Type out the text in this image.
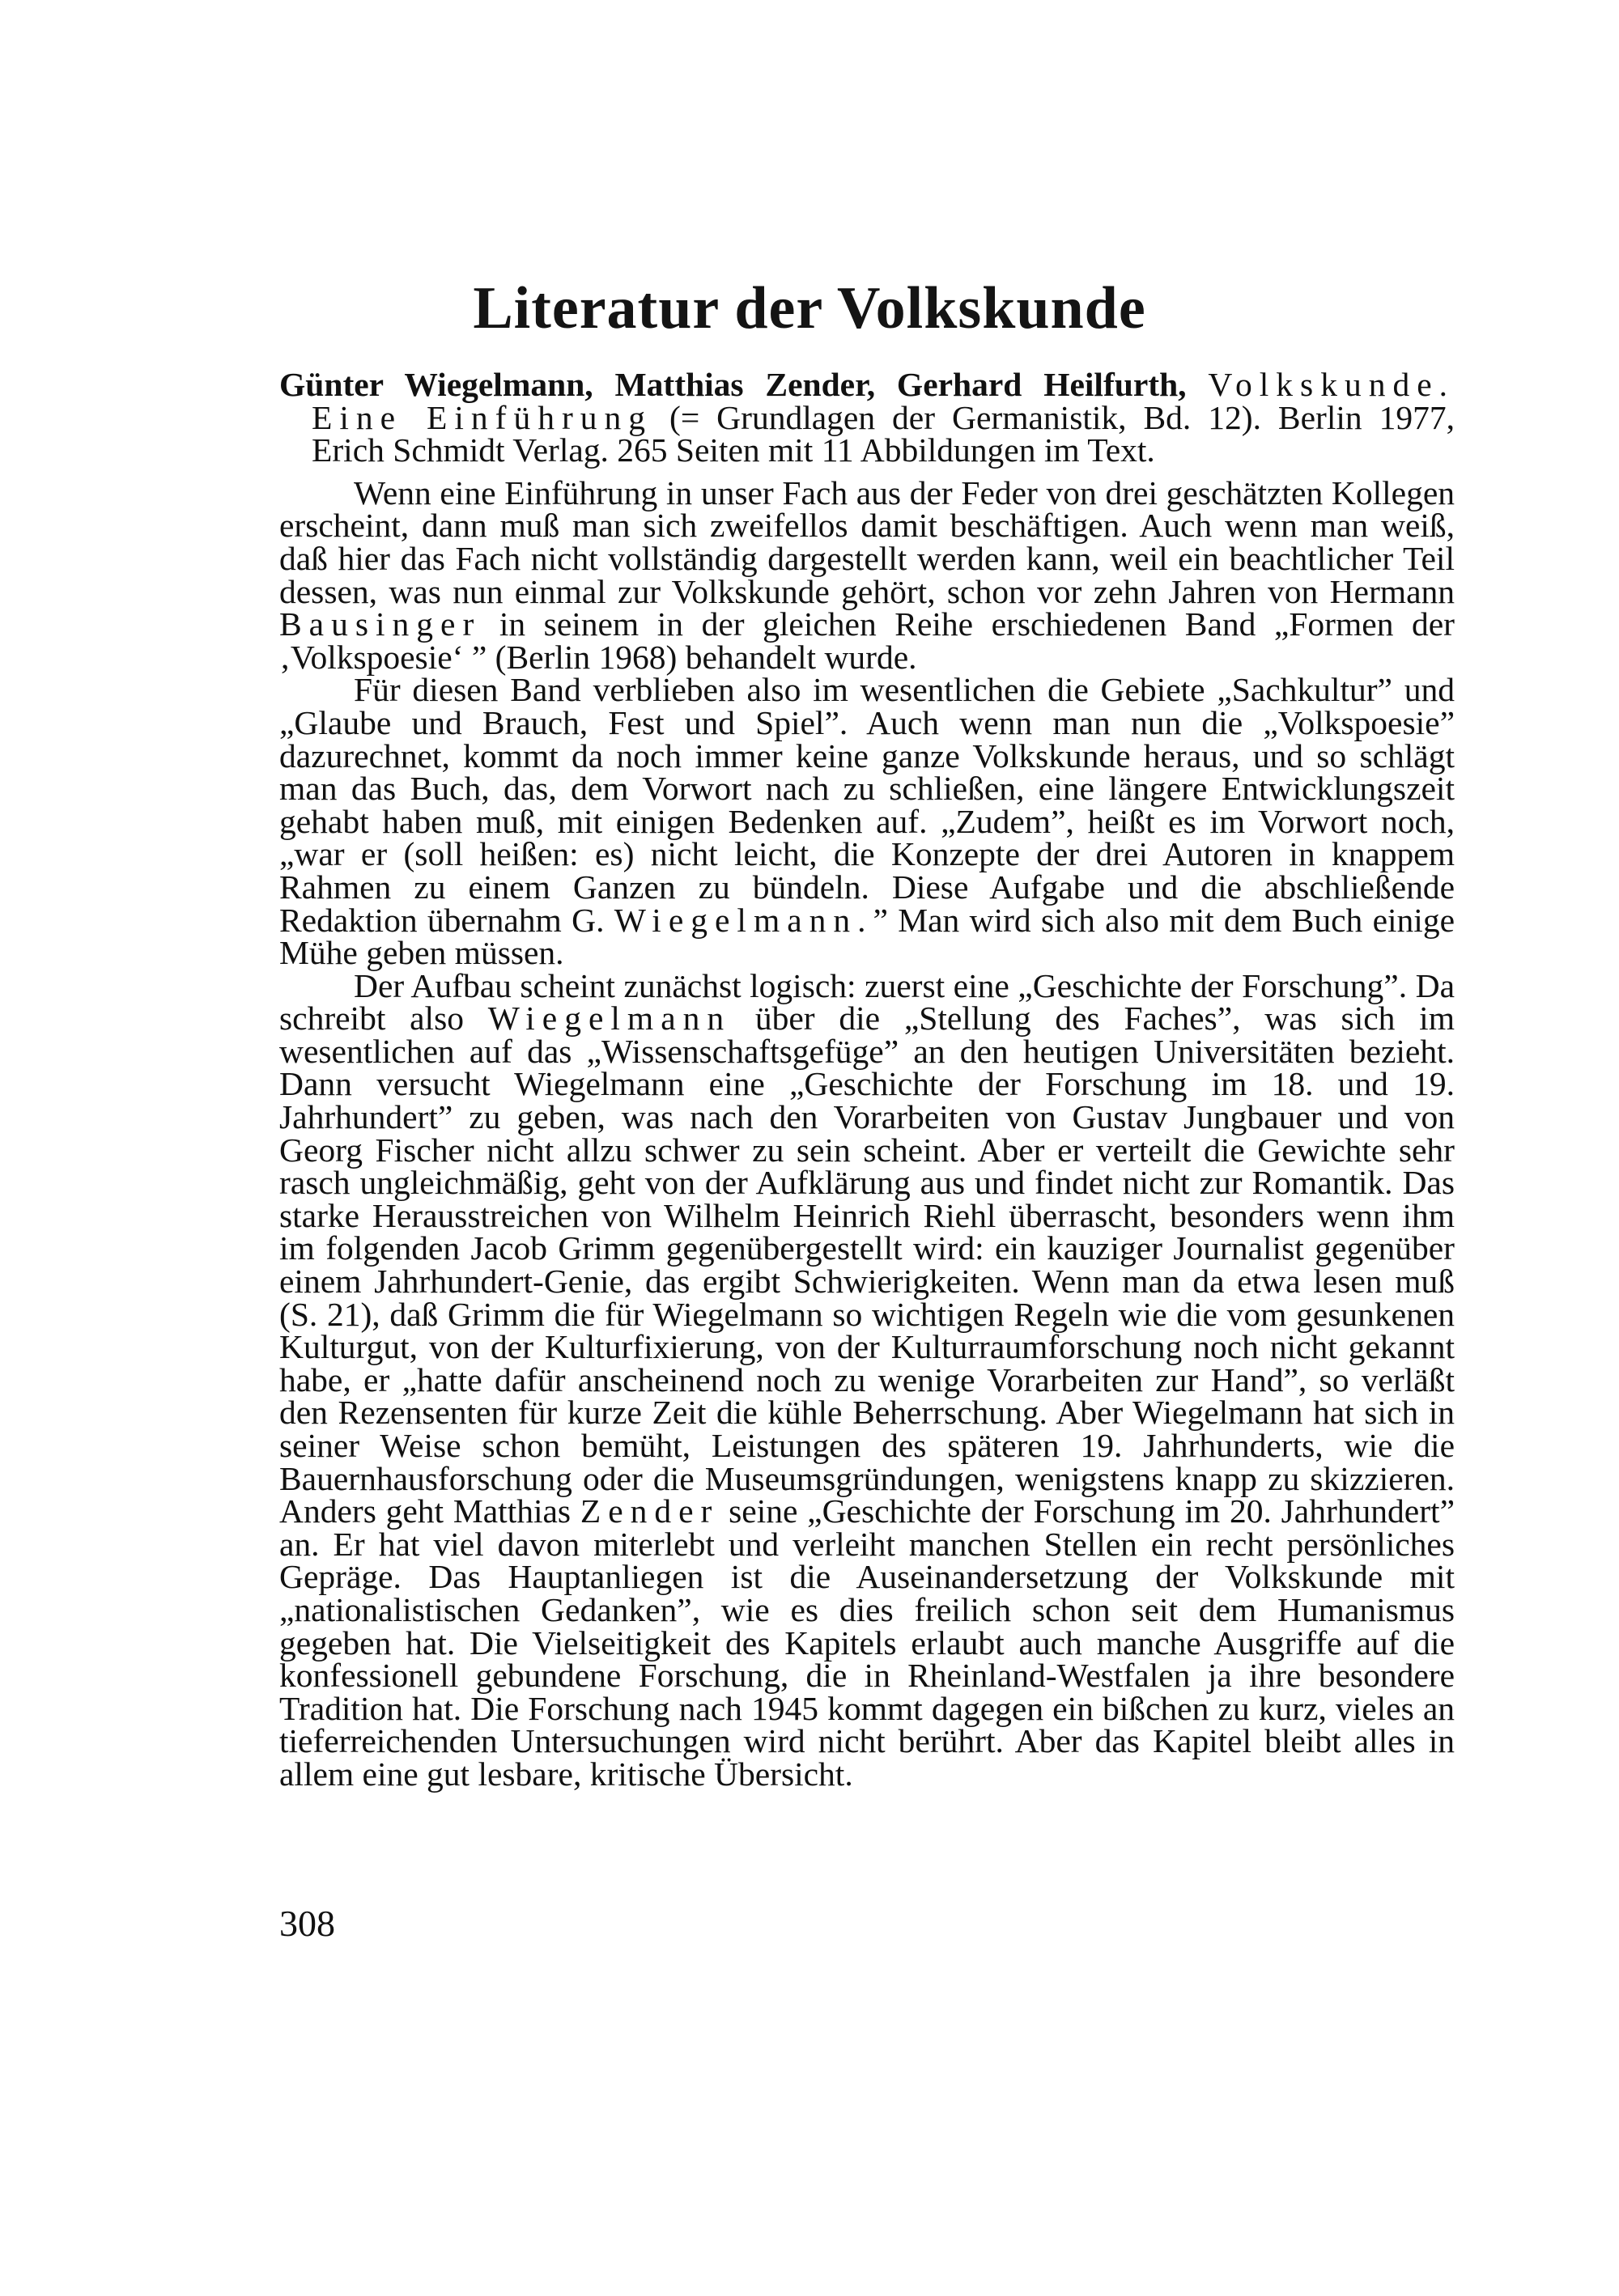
Literatur der Volkskunde

Günter Wiegelmann, Matthias Zender, Gerhard Heilfurth, Volkskunde. Eine Einführung (= Grundlagen der Germanistik, Bd. 12). Berlin 1977, Erich Schmidt Verlag. 265 Seiten mit 11 Abbildungen im Text.

Wenn eine Einführung in unser Fach aus der Feder von drei geschätzten Kollegen erscheint, dann muß man sich zweifellos damit beschäftigen. Auch wenn man weiß, daß hier das Fach nicht vollständig dargestellt werden kann, weil ein beachtlicher Teil dessen, was nun einmal zur Volkskunde gehört, schon vor zehn Jahren von Hermann Bausinger in seinem in der gleichen Reihe erschiedenen Band „Formen der ‚Volkspoesie‘ ” (Berlin 1968) behandelt wurde.

Für diesen Band verblieben also im wesentlichen die Gebiete „Sachkultur” und „Glaube und Brauch, Fest und Spiel”. Auch wenn man nun die „Volkspoesie” dazurechnet, kommt da noch immer keine ganze Volkskunde heraus, und so schlägt man das Buch, das, dem Vorwort nach zu schließen, eine längere Entwicklungszeit gehabt haben muß, mit einigen Bedenken auf. „Zudem”, heißt es im Vorwort noch, „war er (soll heißen: es) nicht leicht, die Konzepte der drei Autoren in knappem Rahmen zu einem Ganzen zu bündeln. Diese Aufgabe und die abschließende Redaktion übernahm G. Wiegelmann.” Man wird sich also mit dem Buch einige Mühe geben müssen.

Der Aufbau scheint zunächst logisch: zuerst eine „Geschichte der Forschung”. Da schreibt also Wiegelmann über die „Stellung des Faches”, was sich im wesentlichen auf das „Wissenschaftsgefüge” an den heutigen Universitäten bezieht. Dann versucht Wiegelmann eine „Geschichte der Forschung im 18. und 19. Jahrhundert” zu geben, was nach den Vorarbeiten von Gustav Jungbauer und von Georg Fischer nicht allzu schwer zu sein scheint. Aber er verteilt die Gewichte sehr rasch ungleichmäßig, geht von der Aufklärung aus und findet nicht zur Romantik. Das starke Herausstreichen von Wilhelm Heinrich Riehl überrascht, besonders wenn ihm im folgenden Jacob Grimm gegenübergestellt wird: ein kauziger Journalist gegenüber einem Jahrhundert-Genie, das ergibt Schwierigkeiten. Wenn man da etwa lesen muß (S. 21), daß Grimm die für Wiegelmann so wichtigen Regeln wie die vom gesunkenen Kulturgut, von der Kulturfixierung, von der Kulturraumforschung noch nicht gekannt habe, er „hatte dafür anscheinend noch zu wenige Vorarbeiten zur Hand”, so verläßt den Rezensenten für kurze Zeit die kühle Beherrschung. Aber Wiegelmann hat sich in seiner Weise schon bemüht, Leistungen des späteren 19. Jahrhunderts, wie die Bauernhausforschung oder die Museumsgründungen, wenigstens knapp zu skizzieren. Anders geht Matthias Zender seine „Geschichte der Forschung im 20. Jahrhundert” an. Er hat viel davon miterlebt und verleiht manchen Stellen ein recht persönliches Gepräge. Das Hauptanliegen ist die Auseinandersetzung der Volkskunde mit „nationalistischen Gedanken”, wie es dies freilich schon seit dem Humanismus gegeben hat. Die Vielseitigkeit des Kapitels erlaubt auch manche Ausgriffe auf die konfessionell gebundene Forschung, die in Rheinland-Westfalen ja ihre besondere Tradition hat. Die Forschung nach 1945 kommt dagegen ein bißchen zu kurz, vieles an tieferreichenden Untersuchungen wird nicht berührt. Aber das Kapitel bleibt alles in allem eine gut lesbare, kritische Übersicht.

308
